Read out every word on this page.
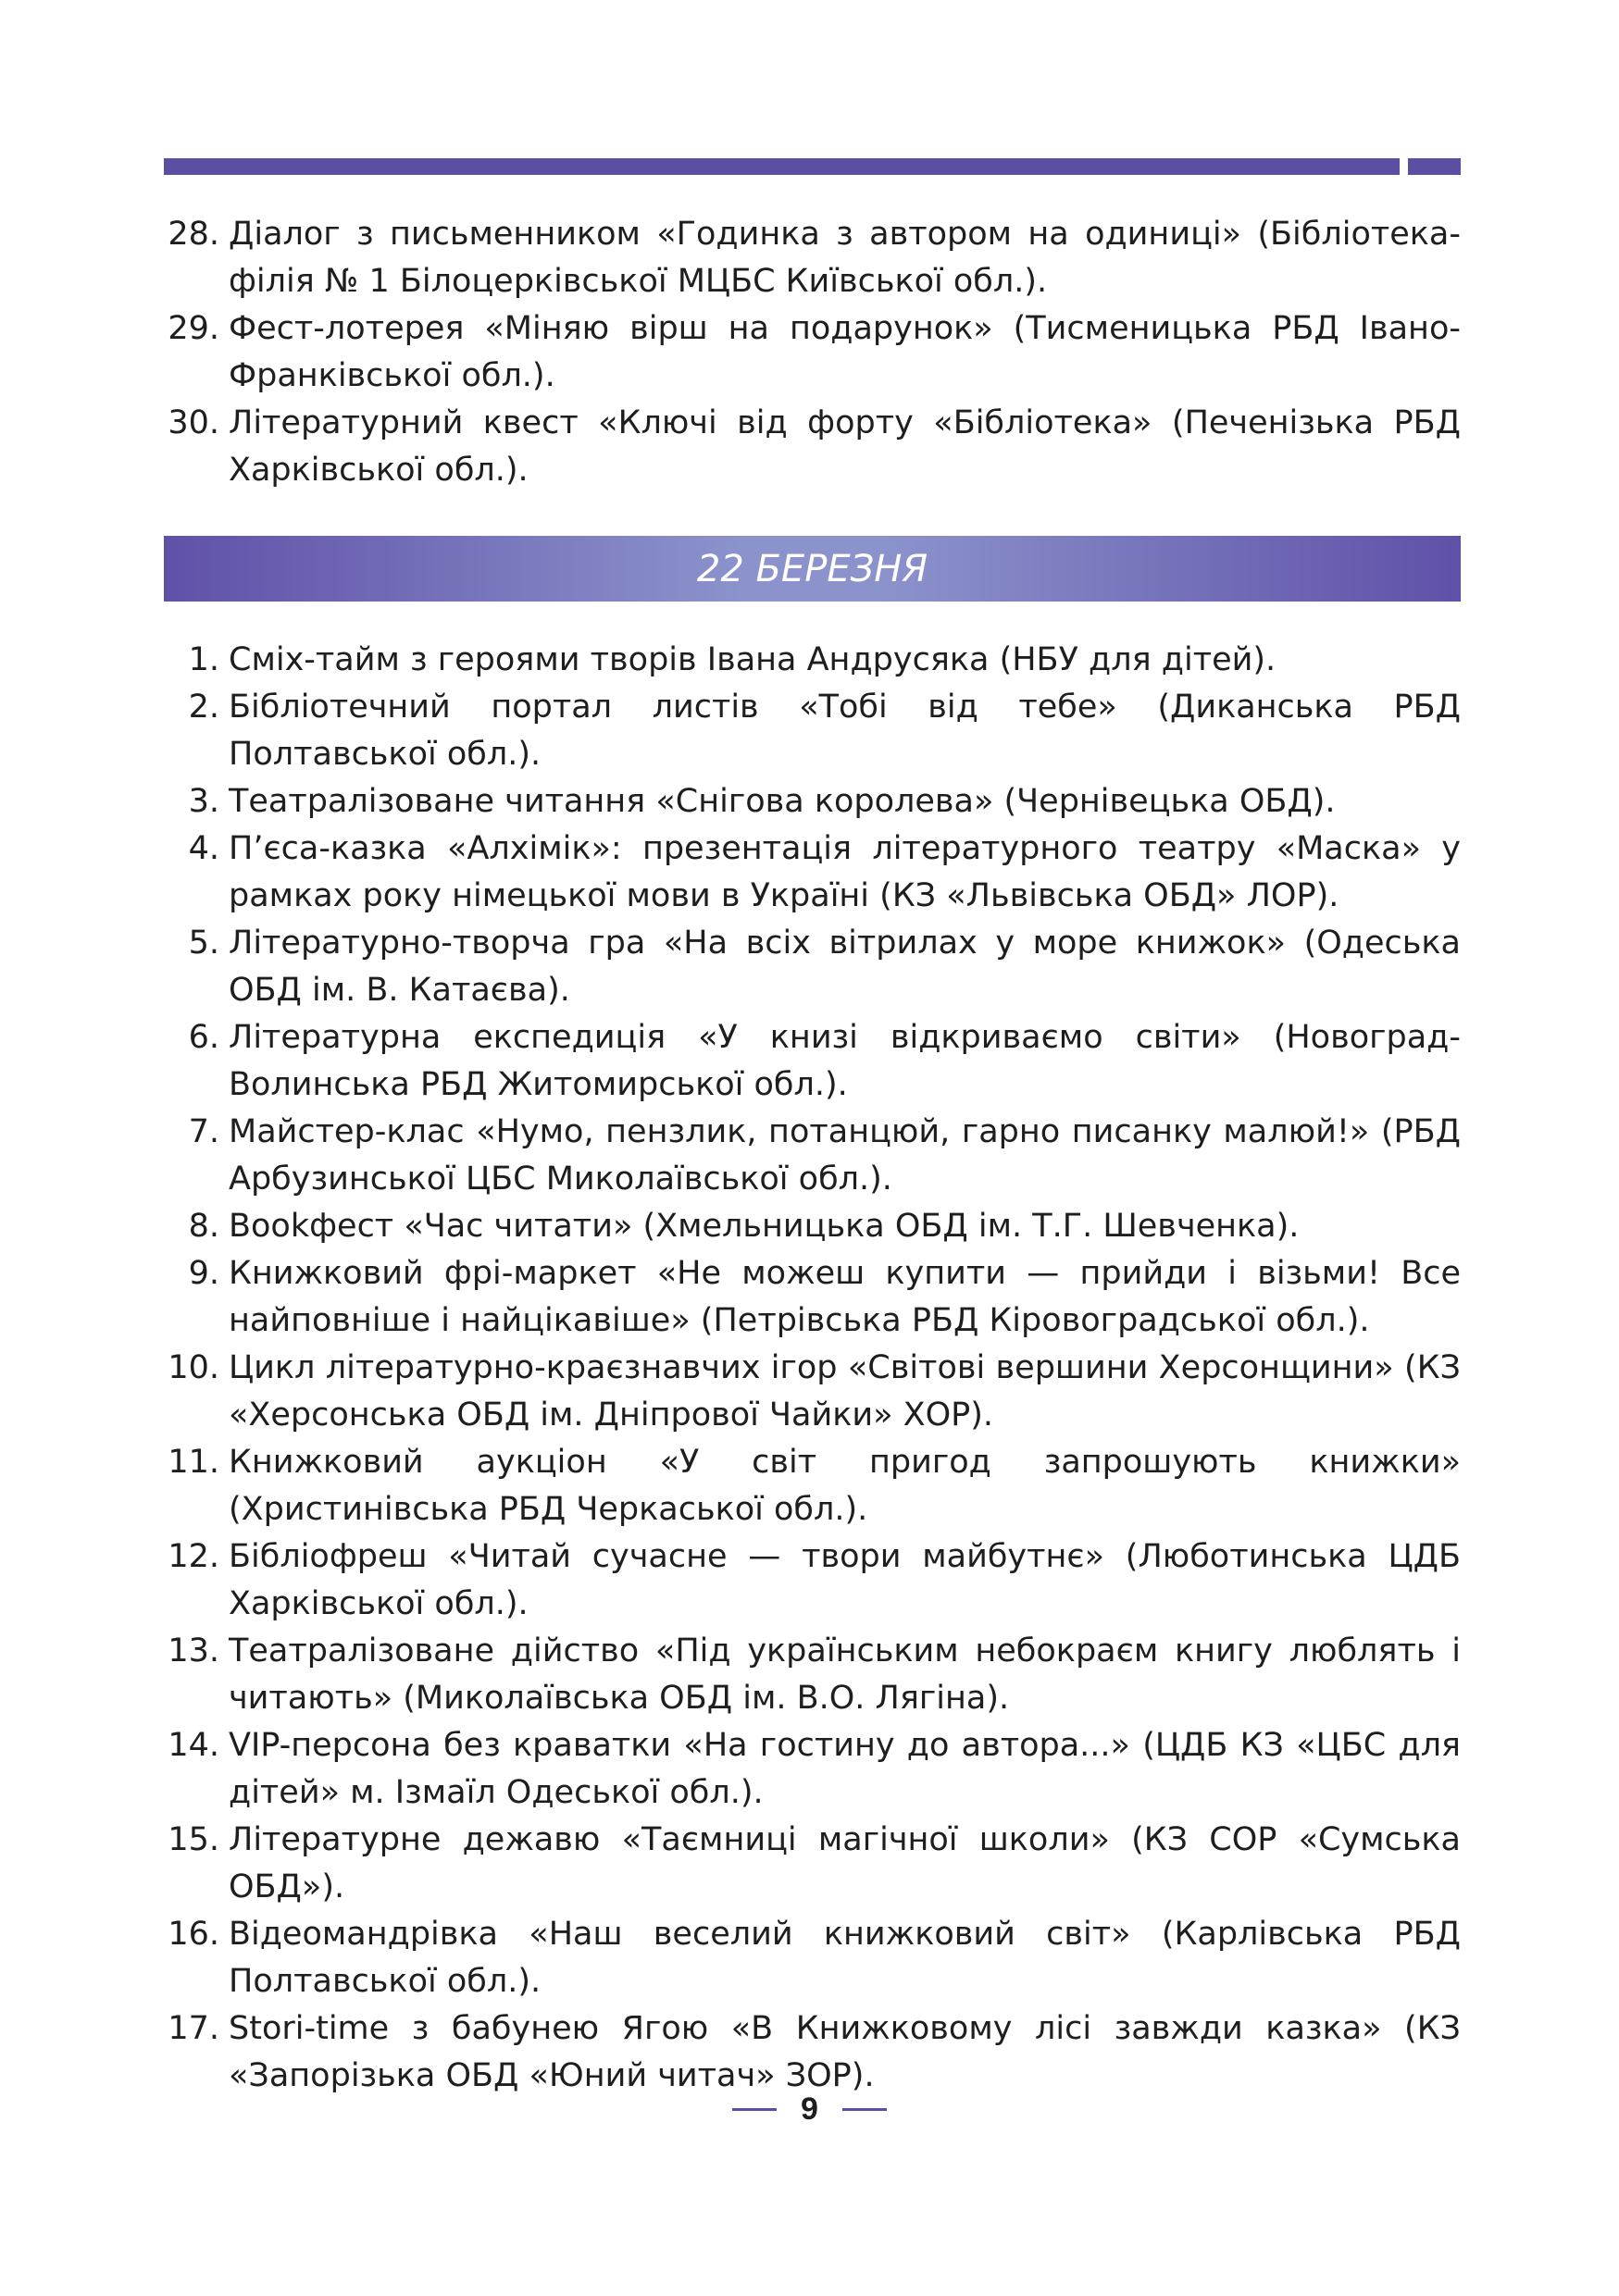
28. Діалог з письменником «Годинка з автором на одиниці» (Бібліотека-філія № 1 Білоцерківської МЦБС Київської обл.).
29. Фест-лотерея «Міняю вірш на подарунок» (Тисменицька РБД Івано-Франківської обл.).
30. Літературний квест «Ключі від форту «Бібліотека» (Печенізька РБД Харківської обл.).
22 БЕРЕЗНЯ
1. Сміх-тайм з героями творів Івана Андрусяка (НБУ для дітей).
2. Бібліотечний портал листів «Тобі від тебе» (Диканська РБД Полтавської обл.).
3. Театралізоване читання «Снігова королева» (Чернівецька ОБД).
4. П’єса-казка «Алхімік»: презентація літературного театру «Маска» у рамках року німецької мови в Україні (КЗ «Львівська ОБД» ЛОР).
5. Літературно-творча гра «На всіх вітрилах у море книжок» (Одеська ОБД ім. В. Катаєва).
6. Літературна експедиція «У книзі відкриваємо світи» (Новоград-Волинська РБД Житомирської обл.).
7. Майстер-клас «Нумо, пензлик, потанцюй, гарно писанку малюй!» (РБД Арбузинської ЦБС Миколаївської обл.).
8. Bookфест «Час читати» (Хмельницька ОБД ім. Т.Г. Шевченка).
9. Книжковий фрі-маркет «Не можеш купити — прийди і візьми! Все найповніше і найцікавіше» (Петрівська РБД Кіровоградської обл.).
10. Цикл літературно-краєзнавчих ігор «Світові вершини Херсонщини» (КЗ «Херсонська ОБД ім. Дніпрової Чайки» ХОР).
11. Книжковий аукціон «У світ пригод запрошують книжки» (Христинівська РБД Черкаської обл.).
12. Бібліофреш «Читай сучасне — твори майбутнє» (Люботинська ЦДБ Харківської обл.).
13. Театралізоване дійство «Під українським небокраєм книгу люблять і читають» (Миколаївська ОБД ім. В.О. Лягіна).
14. VIP-персона без краватки «На гостину до автора...» (ЦДБ КЗ «ЦБС для дітей» м. Ізмаїл Одеської обл.).
15. Літературне дежавю «Таємниці магічної школи» (КЗ СОР «Сумська ОБД»).
16. Відеомандрівка «Наш веселий книжковий світ» (Карлівська РБД Полтавської обл.).
17. Stori-time з бабунею Ягою «В Книжковому лісі завжди казка» (КЗ «Запорізька ОБД «Юний читач» ЗОР).
9
